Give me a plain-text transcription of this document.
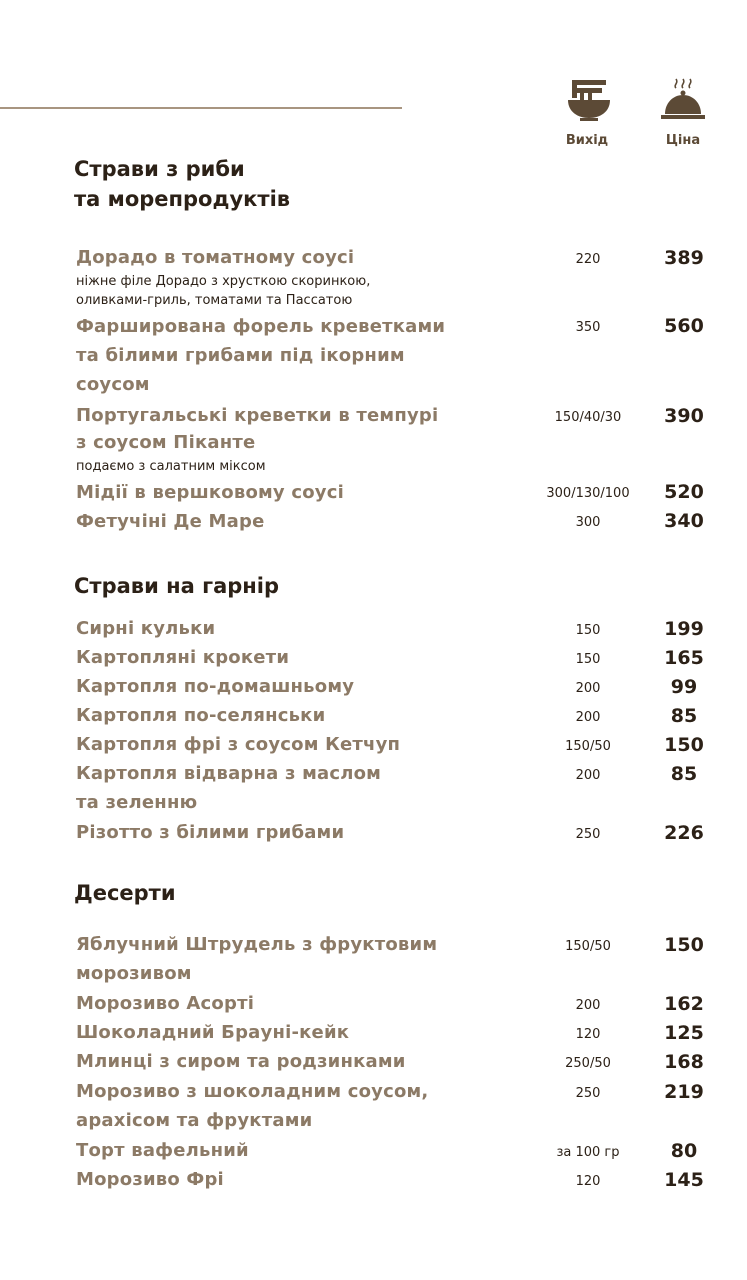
Вихід	Ціна
Страви з риби
та морепродуктів
Дорадо в томатному соусі
ніжне філе Дорадо з хрусткою скоринкою,
оливками-гриль, томатами та Пассатою
220	389
Фарширована форель креветками
та білими грибами під ікорним
соусом
350	560
Португальські креветки в темпурі
з соусом Піканте
подаємо з салатним міксом
150/40/30	390
Мідії в вершковому соусі	300/130/100	520
Фетучіні Де Маре	300	340
Страви на гарнір
Сирні кульки	150	199
Картопляні крокети	150	165
Картопля по-домашньому	200	99
Картопля по-селянськи	200	85
Картопля фрі з соусом Кетчуп	150/50	150
Картопля відварна з маслом
та зеленню
200	85
Різотто з білими грибами	250	226
Десерти
Яблучний Штрудель з фруктовим
морозивом
150/50	150
Морозиво Асорті	200	162
Шоколадний Брауні-кейк	120	125
Млинці з сиром та родзинками	250/50	168
Морозиво з шоколадним соусом,
арахісом та фруктами
250	219
Торт вафельний	за 100 гр	80
Морозиво Фрі	120	145
